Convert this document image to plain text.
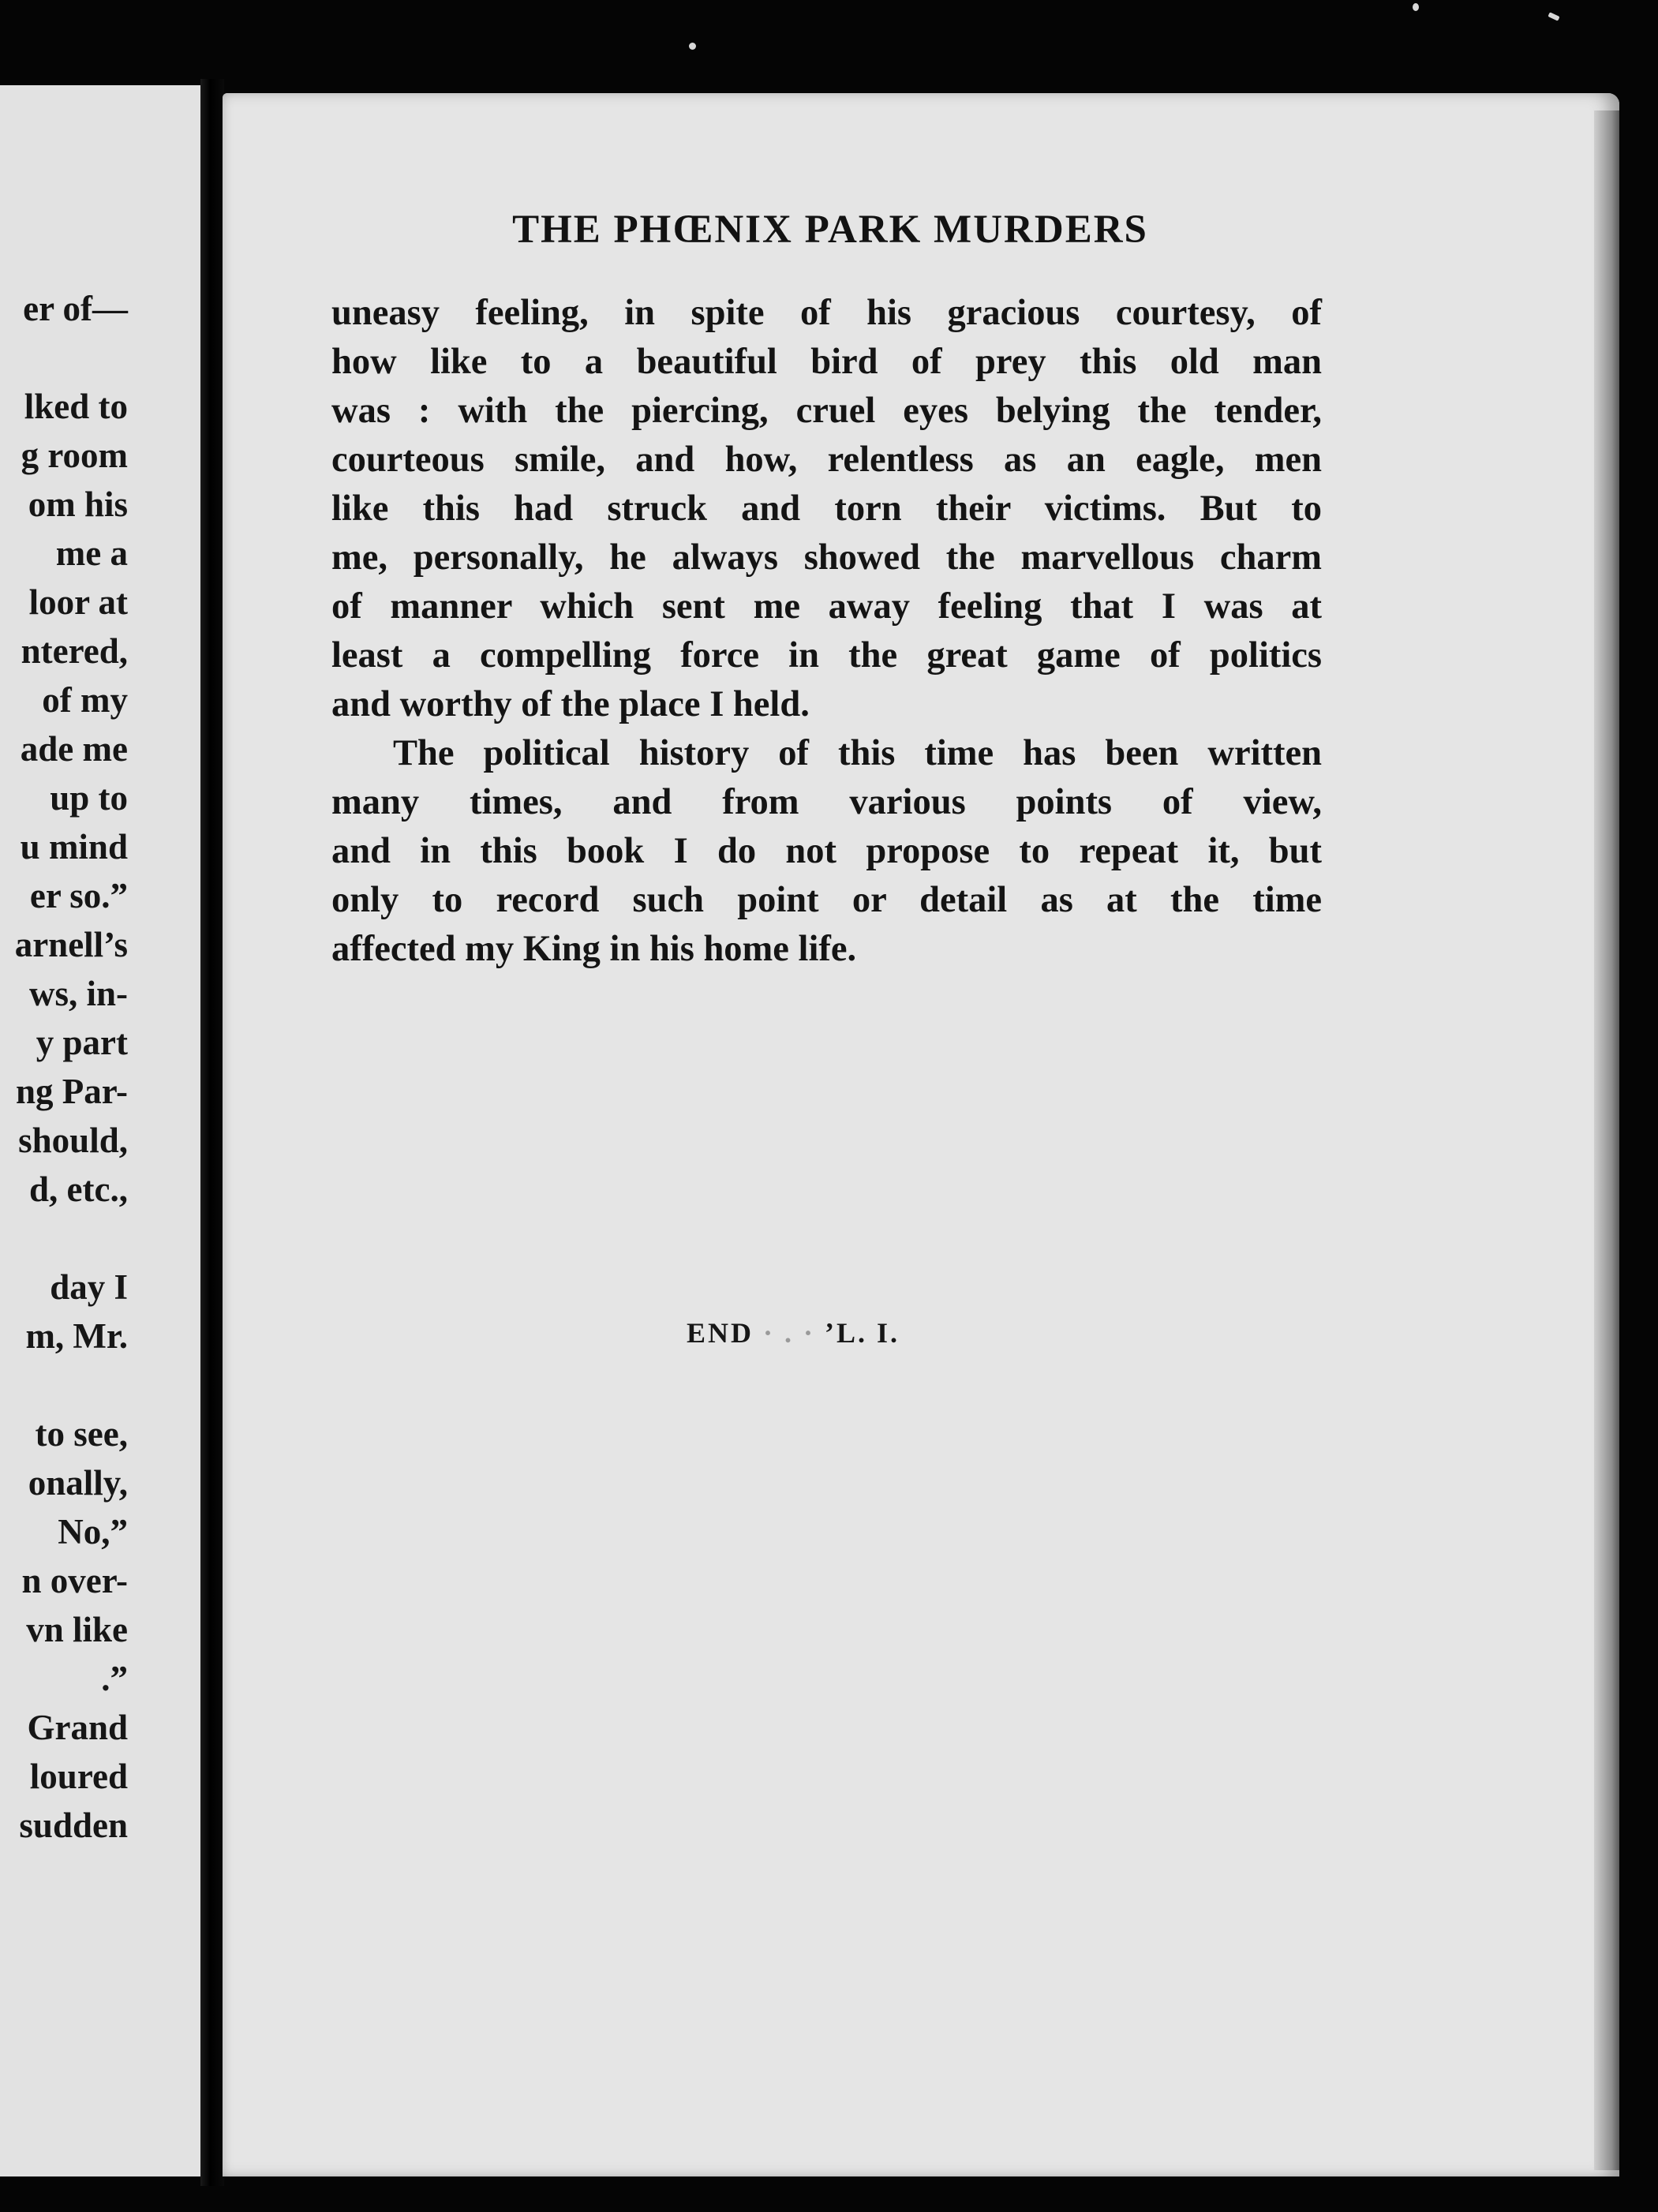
er of—
lked to
g room
om his
me a
loor at
ntered,
of my
ade me
up to
u mind
er so.”
arnell’s
ws, in-
y part
ng Par-
should,
d, etc.,
day I
m, Mr.
to see,
onally,
No,”
n over-
vn like
.”
Grand
loured
sudden
THE PHŒNIX PARK MURDERS

uneasy feeling, in spite of his gracious courtesy, of

how like to a beautiful bird of prey this old man

was : with the piercing, cruel eyes belying the tender,

courteous smile, and how, relentless as an eagle, men

like this had struck and torn their victims. But to

me, personally, he always showed the marvellous charm

of manner which sent me away feeling that I was at

least a compelling force in the great game of politics

and worthy of the place I held.

The political history of this time has been written

many times, and from various points of view,

and in this book I do not propose to repeat it, but

only to record such point or detail as at the time

affected my King in his home life.

END · . · ʼL. I.
